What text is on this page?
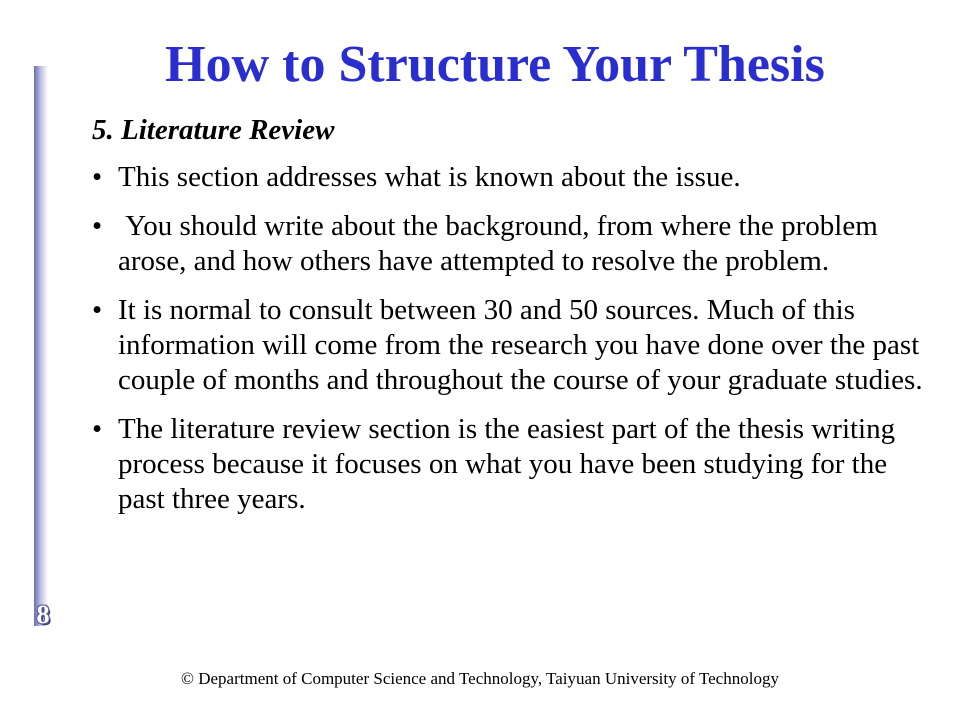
8
How to Structure Your Thesis
5. Literature Review
• This section addresses what is known about the issue.
• You should write about the background, from where the problem arose, and how others have attempted to resolve the problem.
• It is normal to consult between 30 and 50 sources. Much of this information will come from the research you have done over the past couple of months and throughout the course of your graduate studies.
• The literature review section is the easiest part of the thesis writing process because it focuses on what you have been studying for the past three years.
© Department of Computer Science and Technology, Taiyuan University of Technology
